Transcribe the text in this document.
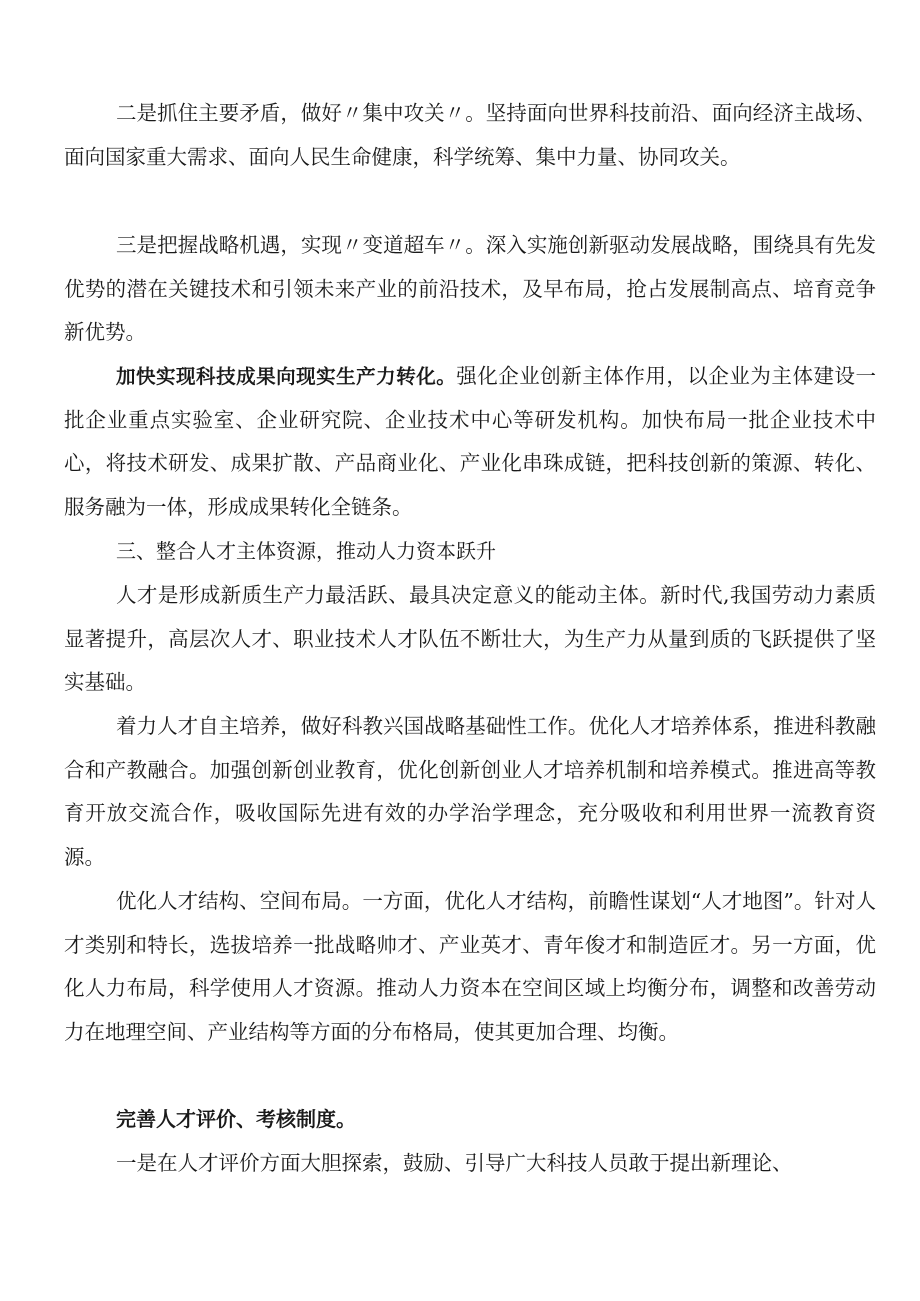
二是抓住主要矛盾，做好〃集中攻关〃。坚持面向世界科技前沿、面向经济主战场、面向国家重大需求、面向人民生命健康，科学统筹、集中力量、协同攻关。

三是把握战略机遇，实现〃变道超车〃。深入实施创新驱动发展战略，围绕具有先发优势的潜在关键技术和引领未来产业的前沿技术，及早布局，抢占发展制高点、培育竞争新优势。

加快实现科技成果向现实生产力转化。强化企业创新主体作用，以企业为主体建设一批企业重点实验室、企业研究院、企业技术中心等研发机构。加快布局一批企业技术中心，将技术研发、成果扩散、产品商业化、产业化串珠成链，把科技创新的策源、转化、服务融为一体，形成成果转化全链条。

三、整合人才主体资源，推动人力资本跃升

人才是形成新质生产力最活跃、最具决定意义的能动主体。新时代,我国劳动力素质显著提升，高层次人才、职业技术人才队伍不断壮大，为生产力从量到质的飞跃提供了坚实基础。

着力人才自主培养，做好科教兴国战略基础性工作。优化人才培养体系，推进科教融合和产教融合。加强创新创业教育，优化创新创业人才培养机制和培养模式。推进高等教育开放交流合作，吸收国际先进有效的办学治学理念，充分吸收和利用世界一流教育资源。

优化人才结构、空间布局。一方面，优化人才结构，前瞻性谋划“人才地图”。针对人才类别和特长，选拔培养一批战略帅才、产业英才、青年俊才和制造匠才。另一方面，优化人力布局，科学使用人才资源。推动人力资本在空间区域上均衡分布，调整和改善劳动力在地理空间、产业结构等方面的分布格局，使其更加合理、均衡。

完善人才评价、考核制度。

一是在人才评价方面大胆探索，鼓励、引导广大科技人员敢于提出新理论、
